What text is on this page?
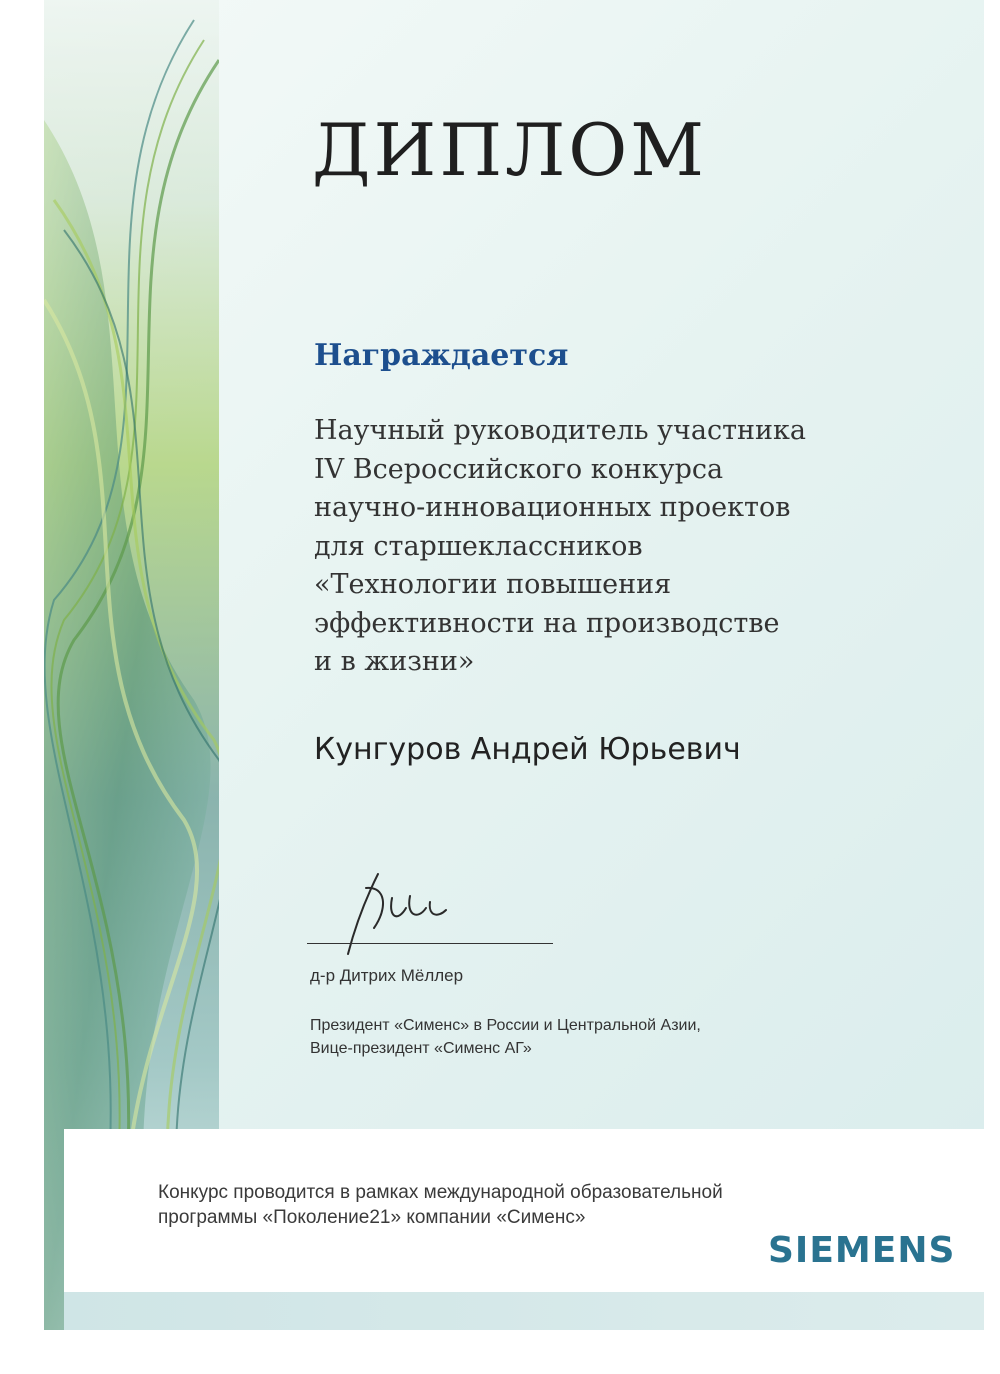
ДИПЛОМ
Награждается
Научный руководитель участника
IV Всероссийского конкурса
научно-инновационных проектов
для старшеклассников
«Технологии повышения
эффективности на производстве
и в жизни»
Кунгуров Андрей Юрьевич
д-р Дитрих Мёллер
Президент «Сименс» в России и Центральной Азии,
Вице-президент «Сименс АГ»
Конкурс проводится в рамках международной образовательной
программы «Поколение21» компании «Сименс»
SIEMENS
